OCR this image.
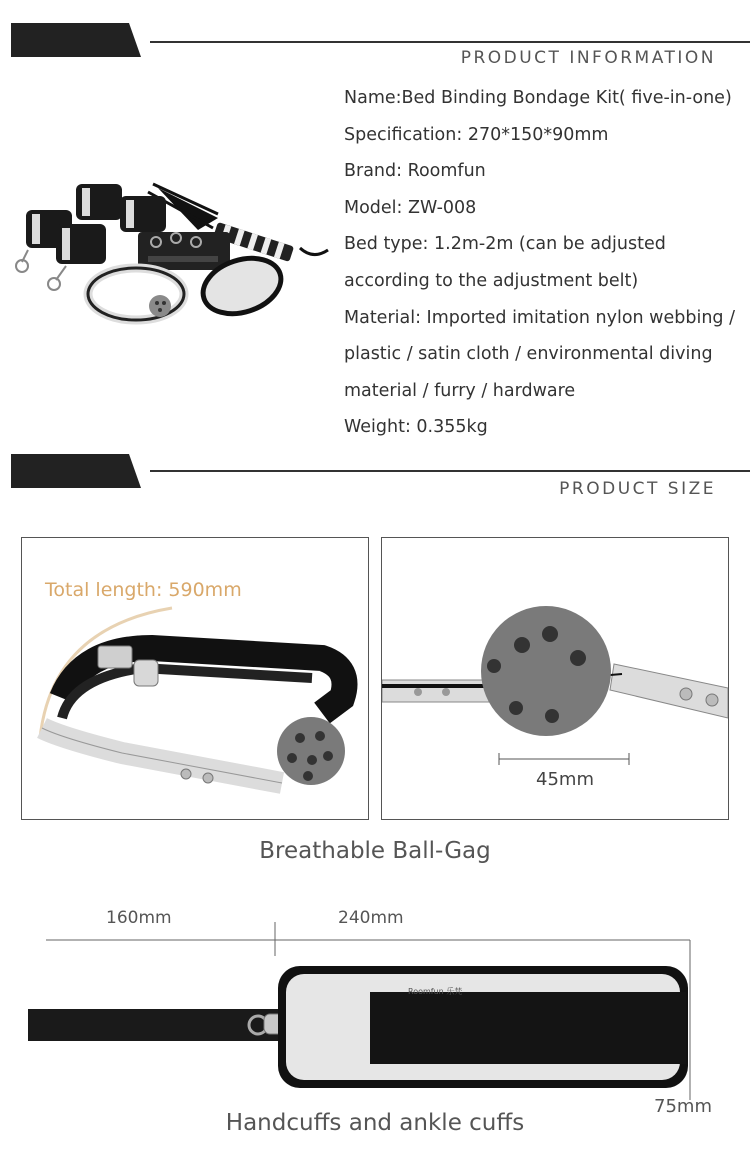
PRODUCT INFORMATION
Name:Bed Binding Bondage Kit( five-in-one)
Specification: 270*150*90mm
Brand: Roomfun
Model: ZW-008
Bed type: 1.2m-2m (can be adjusted
according to the adjustment belt)
Material: Imported imitation nylon webbing /
plastic / satin cloth / environmental diving
material / furry / hardware
Weight: 0.355kg
PRODUCT SIZE
Total length: 590mm
45mm
Breathable Ball-Gag
160mm	240mm
Roomfun 乐梵
75mm
Handcuffs and ankle cuffs
